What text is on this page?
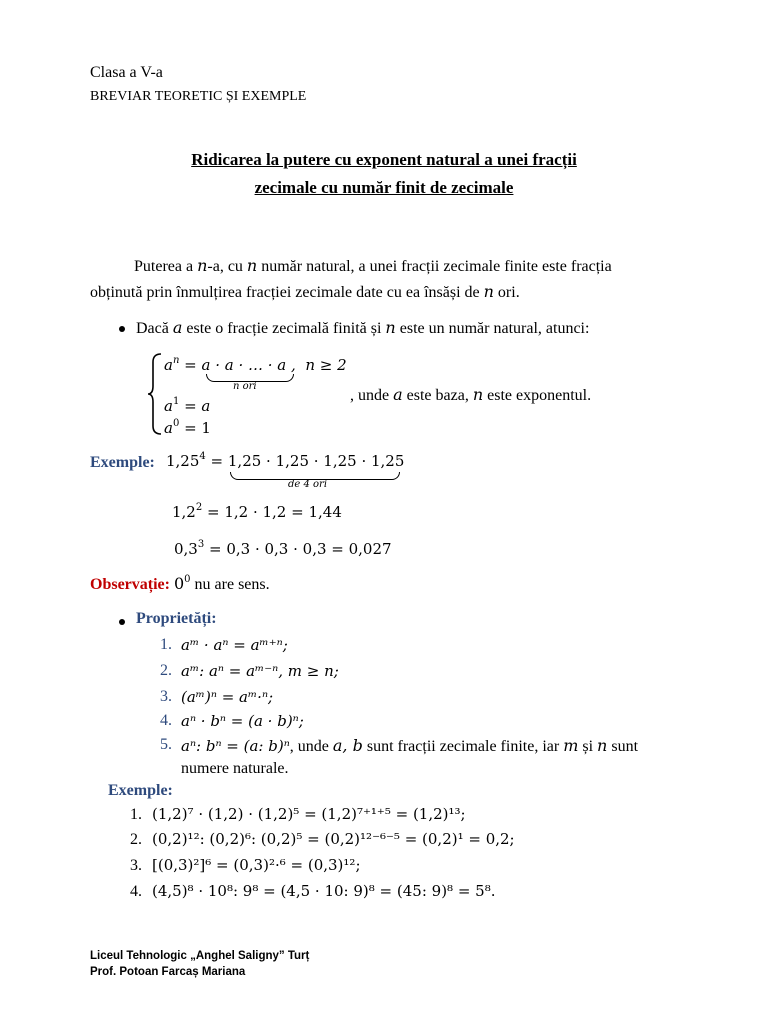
Clasa a V-a
BREVIAR TEORETIC ȘI EXEMPLE
Ridicarea la putere cu exponent natural a unei fracții
zecimale cu număr finit de zecimale
Puterea a n-a, cu n număr natural, a unei fracții zecimale finite este fracția
obținută prin înmulțirea fracției zecimale date cu ea însăși de n ori.
Dacă a este o fracție zecimală finită și n este un număr natural, atunci:
$a^n = a \cdot a$ · … · a , n ≥ 2
n ori
$a^1 = a$
$a^0 = 1$
, unde a este baza, n este exponentul.
Exemple: $1,25^4 = 1,25 \cdot 1,25 \cdot 1,25 \cdot 1,25$
de 4 ori
$1,2^2 = 1,2 \cdot 1,2 = 1,44$
$0,3^3 = 0,3 \cdot 0,3 \cdot 0,3 = 0,027$
Observație: $0^0$ nu are sens.
Proprietăți:
1. aᵐ · aⁿ = aᵐ⁺ⁿ;
2. aᵐ: aⁿ = aᵐ⁻ⁿ, m ≥ n;
3. (aᵐ)ⁿ = aᵐ·ⁿ;
4. aⁿ · bⁿ = (a · b)ⁿ;
5. aⁿ: bⁿ = (a: b)ⁿ, unde a, b sunt fracții zecimale finite, iar m și n sunt
numere naturale.
Exemple:
1. (1,2)⁷ · (1,2) · (1,2)⁵ = (1,2)⁷⁺¹⁺⁵ = (1,2)¹³;
2. (0,2)¹²: (0,2)⁶: (0,2)⁵ = (0,2)¹²⁻⁶⁻⁵ = (0,2)¹ = 0,2;
3. [(0,3)²]⁶ = (0,3)²·⁶ = (0,3)¹²;
4. (4,5)⁸ · 10⁸: 9⁸ = (4,5 · 10: 9)⁸ = (45: 9)⁸ = 5⁸.
Liceul Tehnologic „Anghel Saligny” Turț
Prof. Potoan Farcaș Mariana
